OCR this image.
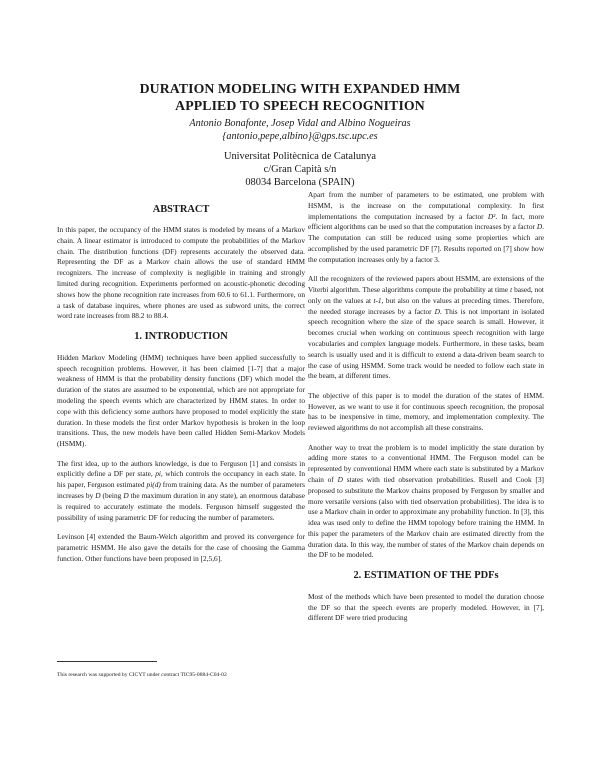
DURATION MODELING WITH EXPANDED HMM
APPLIED TO SPEECH RECOGNITION
Antonio Bonafonte, Josep Vidal and Albino Nogueiras
{antonio,pepe,albino}@gps.tsc.upc.es
Universitat Politècnica de Catalunya
c/Gran Capità s/n
08034 Barcelona (SPAIN)
ABSTRACT

In this paper, the occupancy of the HMM states is modeled by means of a Markov chain. A linear estimator is introduced to compute the probabilities of the Markov chain. The distribution functions (DF) represents accurately the observed data. Representing the DF as a Markov chain allows the use of standard HMM recognizers. The increase of complexity is negligible in training and strongly limited during recognition. Experiments performed on acoustic-phonetic decoding shows how the phone recognition rate increases from 60.6 to 61.1. Furthermore, on a task of database inquires, where phones are used as subword units, the correct word rate increases from 88.2 to 88.4.

1. INTRODUCTION

Hidden Markov Modeling (HMM) techniques have been applied successfully to speech recognition problems. However, it has been claimed [1-7] that a major weakness of HMM is that the probability density functions (DF) which model the duration of the states are assumed to be exponential, which are not appropriate for modeling the speech events which are characterized by HMM states. In order to cope with this deficiency some authors have proposed to model explicitly the state duration. In these models the first order Markov hypothesis is broken in the loop transitions. Thus, the new models have been called Hidden Semi-Markov Models (HSMM).

The first idea, up to the authors knowledge, is due to Ferguson [1] and consists in explicitly define a DF per state, pi, which controls the occupancy in each state. In his paper, Ferguson estimated pi(d) from training data. As the number of parameters increases by D (being D the maximum duration in any state), an enormous database is required to accurately estimate the models. Ferguson himself suggested the possibility of using parametric DF for reducing the number of parameters.

Levinson [4] extended the Baum-Welch algorithm and proved its convergence for parametric HSMM. He also gave the details for the case of choosing the Gamma function. Other functions have been proposed in [2,5,6].

Apart from the number of parameters to be estimated, one problem with HSMM, is the increase on the computational complexity. In first implementations the computation increased by a factor D². In fact, more efficient algorithms can be used so that the computation increases by a factor D. The computation can still be reduced using some propierties which are accomplished by the used parametric DF [7]. Results reported on [7] show how the computation increases only by a factor 3.

All the recognizers of the reviewed papers about HSMM, are extensions of the Viterbi algorithm. These algorithms compute the probability at time t based, not only on the values at t-1, but also on the values at preceding times. Therefore, the needed storage increases by a factor D. This is not important in isolated speech recognition where the size of the space search is small. However, it becomes crucial when working on continuous speech recognition with large vocabularies and complex language models. Furthermore, in these tasks, beam search is usually used and it is difficult to extend a data-driven beam search to the case of using HSMM. Some track would be needed to follow each state in the beam, at different times.

The objective of this paper is to model the duration of the states of HMM. However, as we want to use it for continuous speech recognition, the proposal has to be inexpensive in time, memory, and implementation complexity. The reviewed algorithms do not accomplish all these constrains.

Another way to treat the problem is to model implicitly the state duration by adding more states to a conventional HMM. The Ferguson model can be represented by conventional HMM where each state is substituted by a Markov chain of D states with tied observation probabilities. Rusell and Cook [3] proposed to substitute the Markov chains proposed by Ferguson by smaller and more versatile versions (also with tied observation probabilities). The idea is to use a Markov chain in order to approximate any probability function. In [3], this idea was used only to define the HMM topology before training the HMM. In this paper the parameters of the Markov chain are estimated directly from the duration data. In this way, the number of states of the Markov chain depends on the DF to be modeled.

2. ESTIMATION OF THE PDFs

Most of the methods which have been presented to model the duration choose the DF so that the speech events are properly modeled. However, in [7], different DF were tried producing

This research was supported by CICYT under contract TIC95-0884-C04-02
